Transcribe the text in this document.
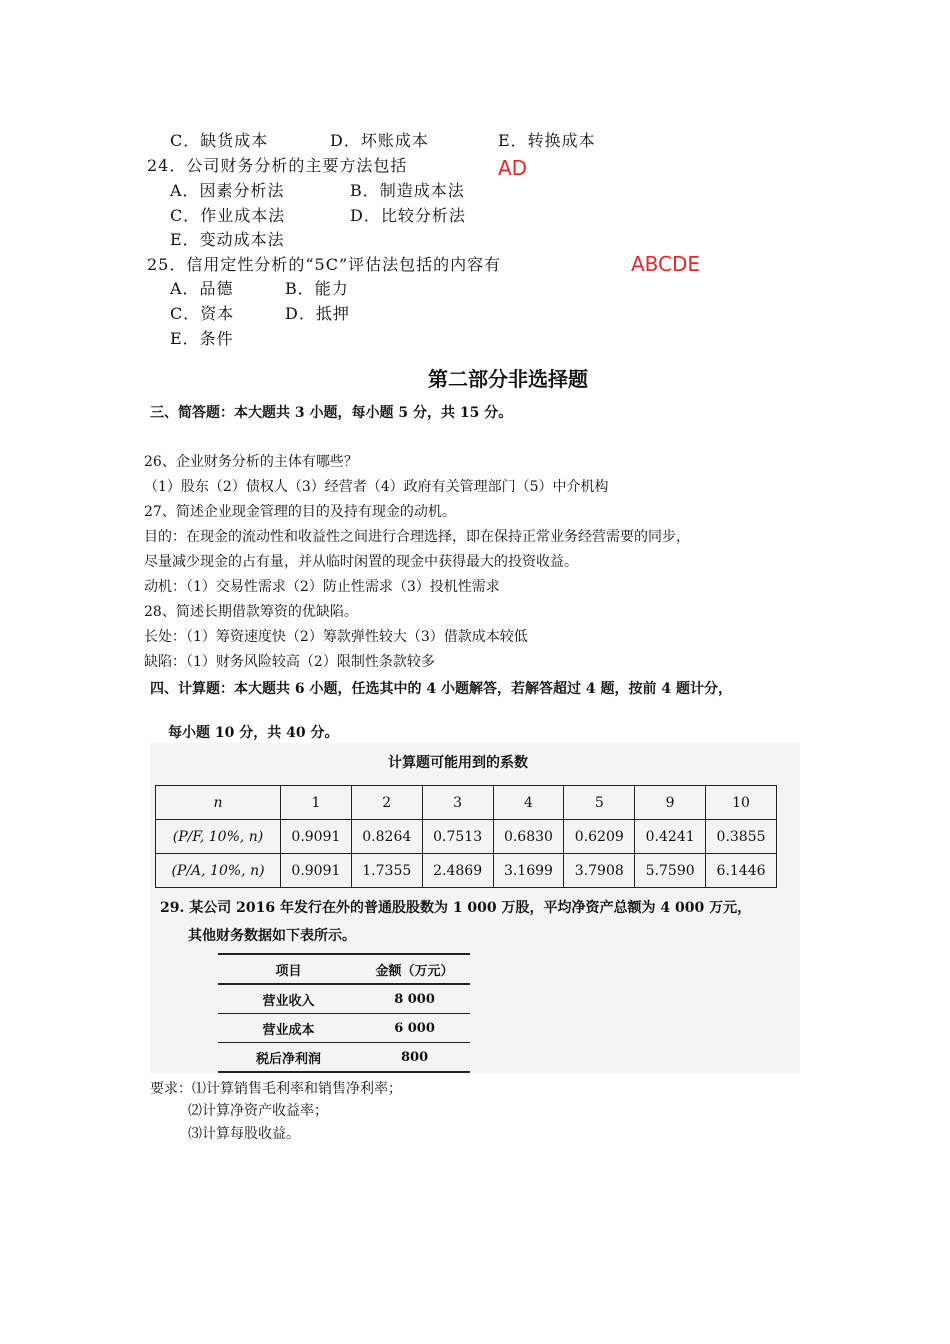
C．缺货成本	D．坏账成本	E．转换成本
24．公司财务分析的主要方法包括	AD
A．因素分析法	B．制造成本法
C．作业成本法	D．比较分析法
E．变动成本法
25．信用定性分析的“5C”评估法包括的内容有	ABCDE
A．品德	B．能力
C．资本	D．抵押
E．条件
第二部分非选择题
三、简答题：本大题共 3 小题，每小题 5 分，共 15 分。
26、企业财务分析的主体有哪些？
（1）股东（2）债权人（3）经营者（4）政府有关管理部门（5）中介机构
27、简述企业现金管理的目的及持有现金的动机。
目的：在现金的流动性和收益性之间进行合理选择，即在保持正常业务经营需要的同步，
尽量减少现金的占有量，并从临时闲置的现金中获得最大的投资收益。
动机：（1）交易性需求（2）防止性需求（3）投机性需求
28、简述长期借款筹资的优缺陷。
长处：（1）筹资速度快（2）筹款弹性较大（3）借款成本较低
缺陷：（1）财务风险较高（2）限制性条款较多
四、计算题：本大题共 6 小题，任选其中的 4 小题解答，若解答超过 4 题，按前 4 题计分，
每小题 10 分，共 40 分。
计算题可能用到的系数
n	1	2	3	4	5	9	10
(P/F, 10%, n)	0.9091	0.8264	0.7513	0.6830	0.6209	0.4241	0.3855
(P/A, 10%, n)	0.9091	1.7355	2.4869	3.1699	3.7908	5.7590	6.1446
29. 某公司 2016 年发行在外的普通股股数为 1 000 万股，平均净资产总额为 4 000 万元，
其他财务数据如下表所示。
项目	金额（万元）
营业收入	8 000
营业成本	6 000
税后净利润	800
要求：⑴计算销售毛利率和销售净利率；
⑵计算净资产收益率；
⑶计算每股收益。
